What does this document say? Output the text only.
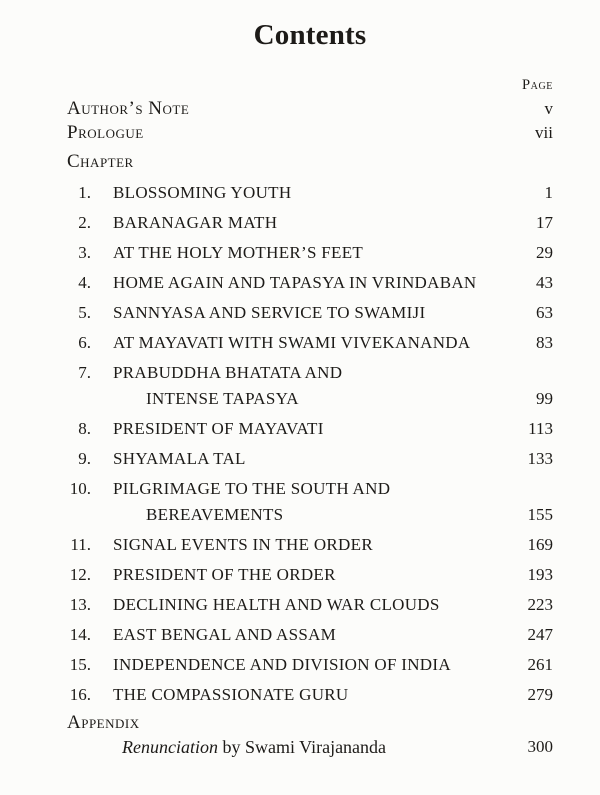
Contents
Page
Author’s Note	v
Prologue	vii
Chapter
1.	BLOSSOMING YOUTH	1
2.	BARANAGAR MATH	17
3.	AT THE HOLY MOTHER’S FEET	29
4.	HOME AGAIN AND TAPASYA IN VRINDABAN	43
5.	SANNYASA AND SERVICE TO SWAMIJI	63
6.	AT MAYAVATI WITH SWAMI VIVEKANANDA	83
7.	PRABUDDHA BHATATA AND
INTENSE TAPASYA	99
8.	PRESIDENT OF MAYAVATI	113
9.	SHYAMALA TAL	133
10.	PILGRIMAGE TO THE SOUTH AND
BEREAVEMENTS	155
11.	SIGNAL EVENTS IN THE ORDER	169
12.	PRESIDENT OF THE ORDER	193
13.	DECLINING HEALTH AND WAR CLOUDS	223
14.	EAST BENGAL AND ASSAM	247
15.	INDEPENDENCE AND DIVISION OF INDIA	261
16.	THE COMPASSIONATE GURU	279
Appendix
Renunciation by Swami Virajananda	300
